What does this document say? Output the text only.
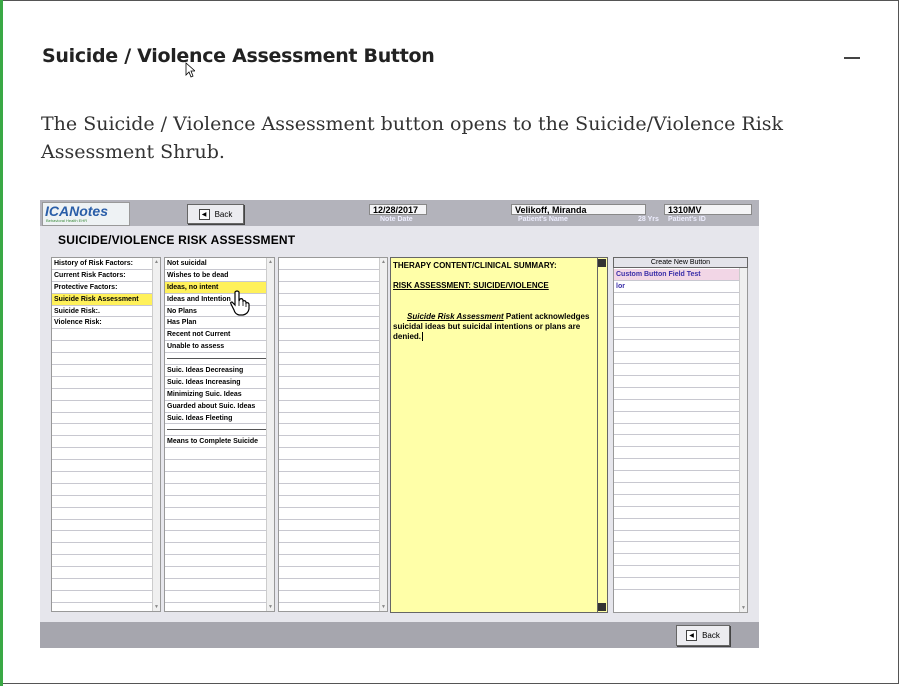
Suicide / Violence Assessment Button
The Suicide / Violence Assessment button opens to the Suicide/Violence Risk Assessment Shrub.
ICANotes
Behavioral Health EHR
◀	Back	12/28/2017
Note Date
Velikoff, Miranda
Patient's Name	28 Yrs
1310MV
Patient's ID
SUICIDE/VIOLENCE RISK ASSESSMENT
History of Risk Factors:
Current Risk Factors:
Protective Factors:
Suicide Risk Assessment
Suicide Risk:.
Violence Risk:
▲
▼
Not suicidal
Wishes to be dead
Ideas, no intent
Ideas and Intention
No Plans
Has Plan
Recent not Current
Unable to assess
Suic. Ideas Decreasing
Suic. Ideas Increasing
Minimizing Suic. Ideas
Guarded about Suic. Ideas
Suic. Ideas Fleeting
Means to Complete Suicide
▲
▼
▲
▼
THERAPY CONTENT/CLINICAL SUMMARY:
RISK ASSESSMENT: SUICIDE/VIOLENCE
Suicide Risk Assessment Patient acknowledges suicidal ideas but suicidal intentions or plans are denied.
Create New Button
Custom Button Field Test
lor
▼
◀	Back
